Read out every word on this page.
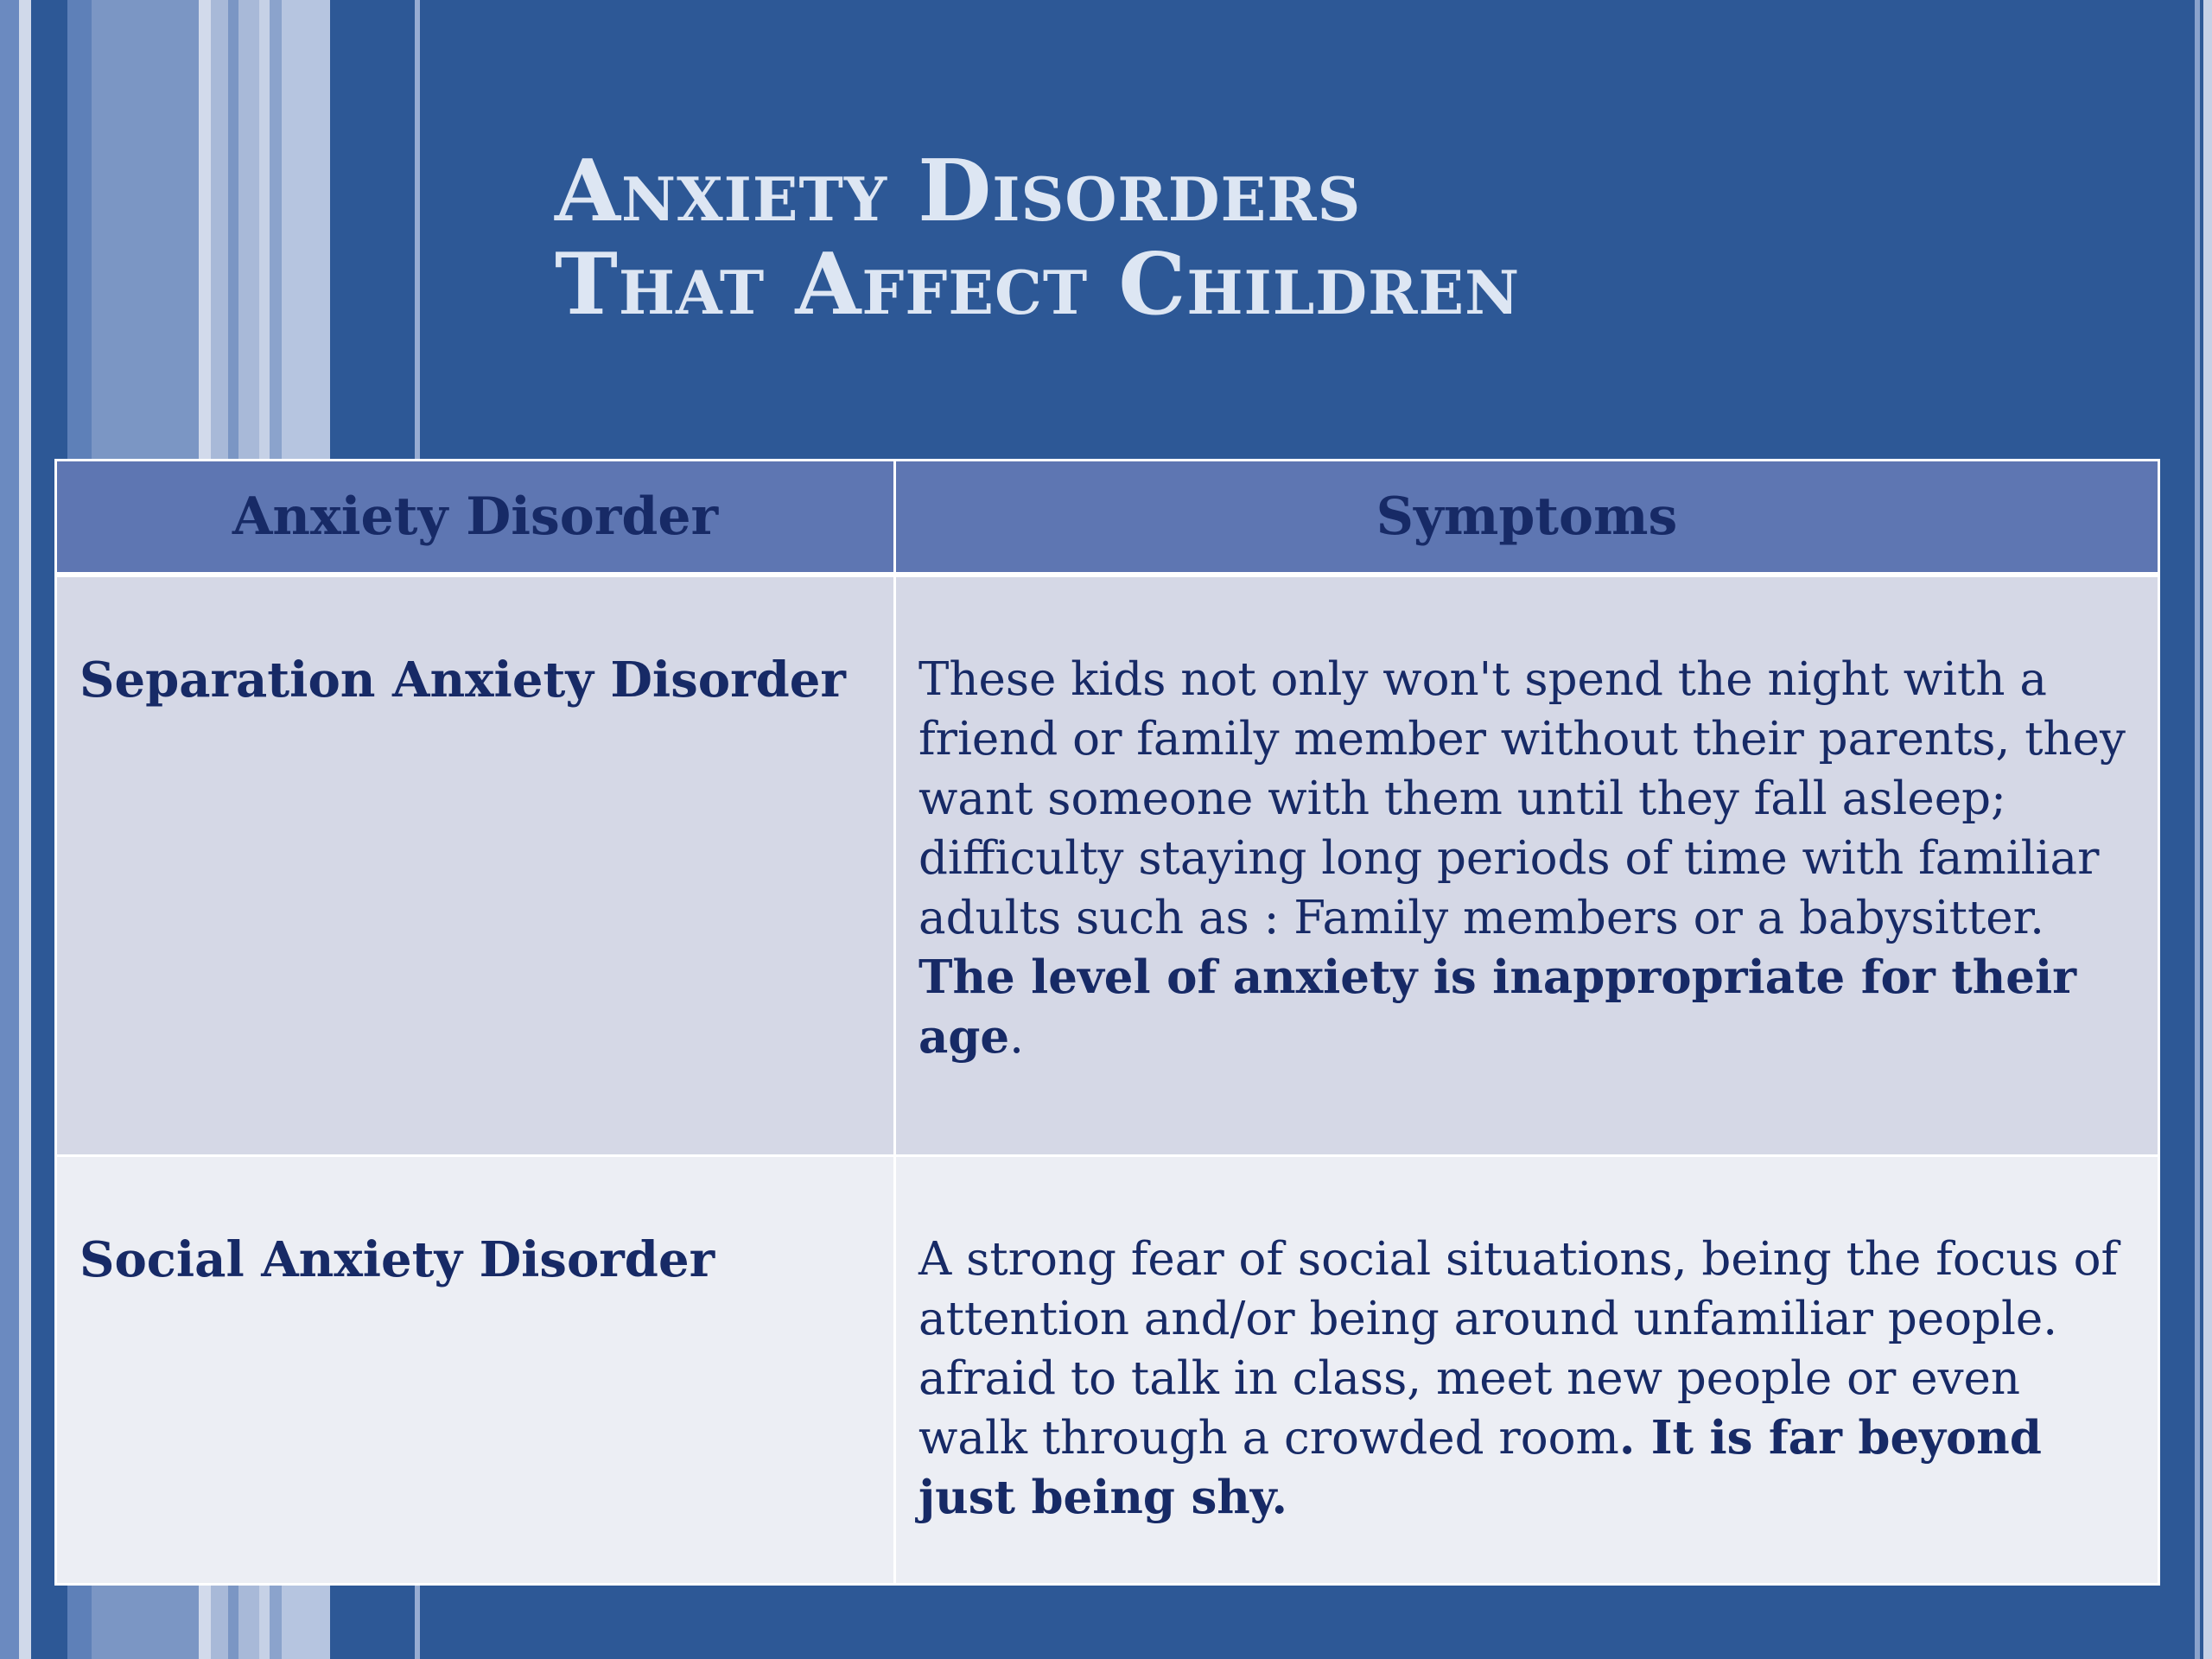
Anxiety Disorders
That Affect Children
Anxiety Disorder	Symptoms
Separation Anxiety Disorder	These kids not only won't spend the night with a friend or family member without their parents, they want someone with them until they fall asleep; difficulty staying long periods of time with familiar adults such as : Family members or a babysitter. The level of anxiety is inappropriate for their age.
Social Anxiety Disorder	A strong fear of social situations, being the focus of attention and/or being around unfamiliar people. afraid to talk in class, meet new people or even walk through a crowded room. It is far beyond just being shy.
